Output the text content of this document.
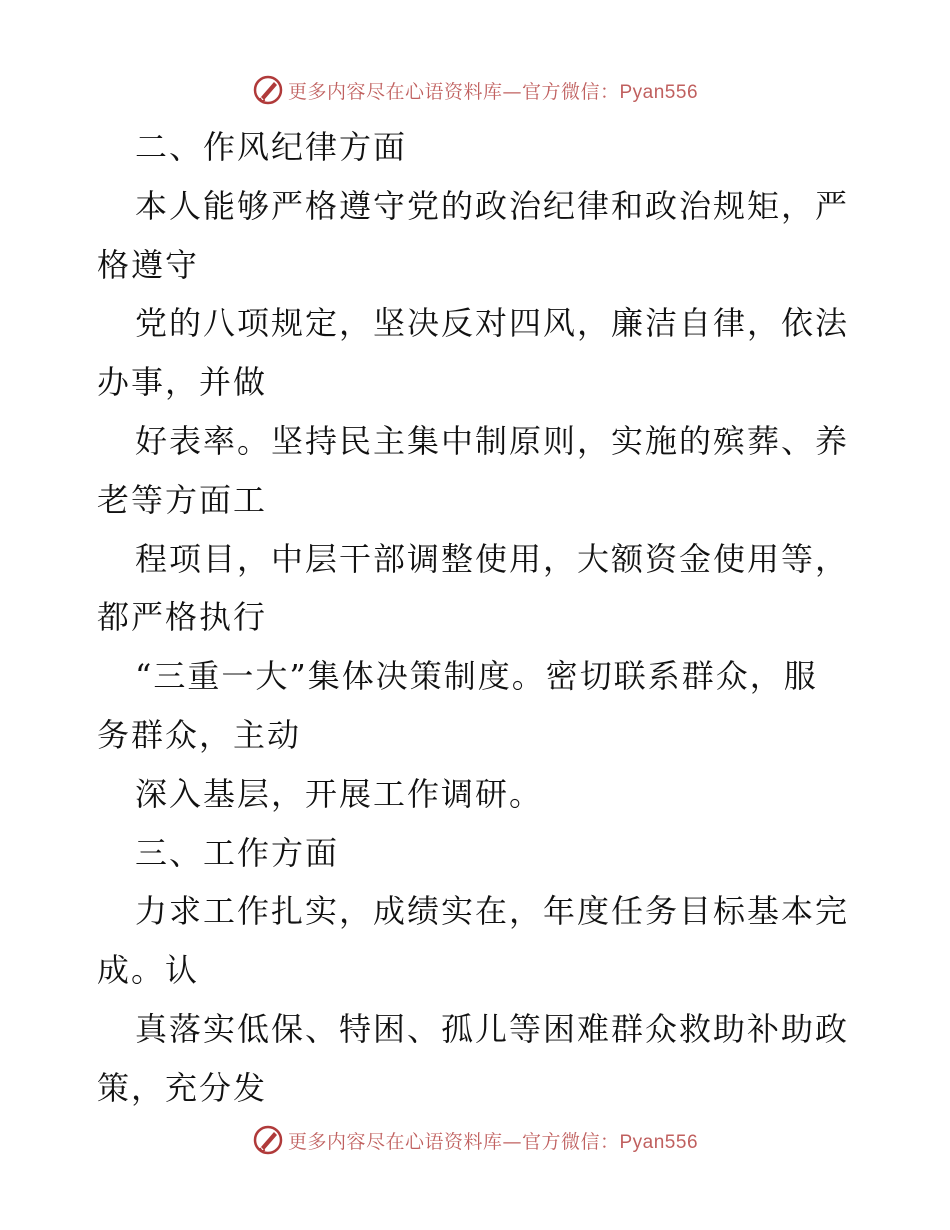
更多内容尽在心语资料库—官方微信：Pyan556
二、作风纪律方面
本人能够严格遵守党的政治纪律和政治规矩，严
格遵守
党的八项规定，坚决反对四风，廉洁自律，依法
办事，并做
好表率。坚持民主集中制原则，实施的殡葬、养
老等方面工
程项目，中层干部调整使用，大额资金使用等，
都严格执行
“三重一大”集体决策制度。密切联系群众，服
务群众，主动
深入基层，开展工作调研。
三、工作方面
力求工作扎实，成绩实在，年度任务目标基本完
成。认
真落实低保、特困、孤儿等困难群众救助补助政
策，充分发
更多内容尽在心语资料库—官方微信：Pyan556
